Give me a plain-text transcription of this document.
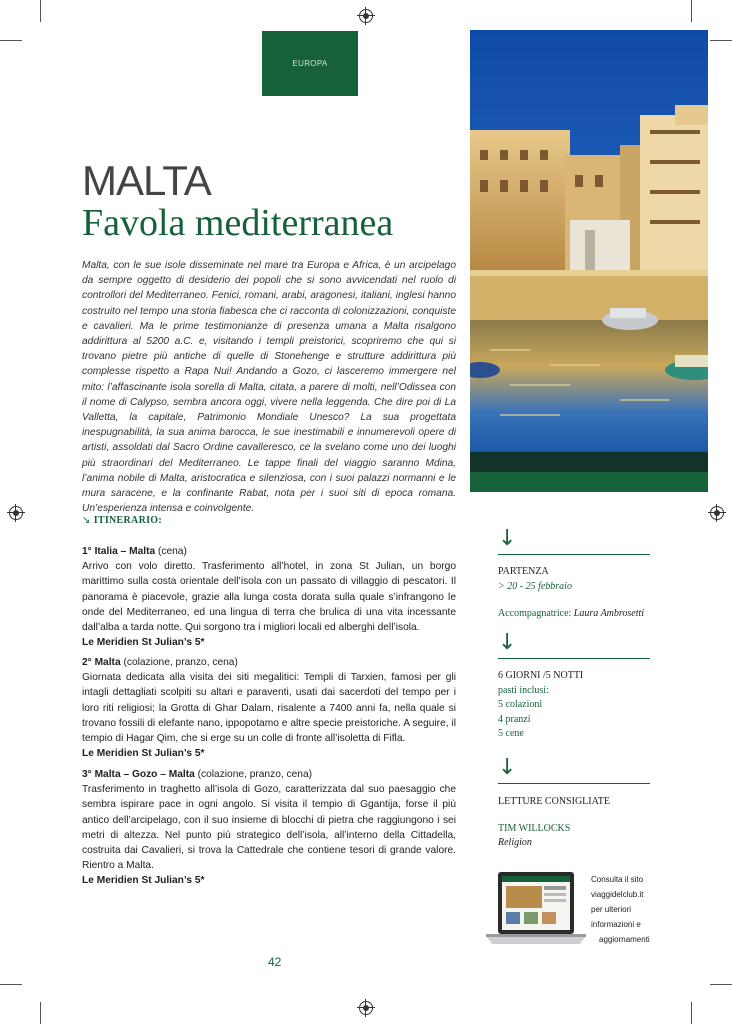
EUROPA
MALTA
Favola mediterranea

Malta, con le sue isole disseminate nel mare tra Europa e Africa, è un arcipelago da sempre oggetto di desiderio dei popoli che si sono avvicendati nel ruolo di controllori del Mediterraneo. Fenici, romani, arabi, aragonesi, italiani, inglesi hanno costruito nel tempo una storia fiabesca che ci racconta di colonizzazioni, conquiste e cavalieri. Ma le prime testimonianze di presenza umana a Malta risalgono addirittura al 5200 a.C. e, visitando i templi preistorici, scopriremo che qui si trovano pietre più antiche di quelle di Stonehenge e strutture addirittura più complesse rispetto a Rapa Nui! Andando a Gozo, ci lasceremo immergere nel mito: l’affascinante isola sorella di Malta, citata, a parere di molti, nell’Odissea con il nome di Calypso, sembra ancora oggi, vivere nella leggenda. Che dire poi di La Valletta, la capitale, Patrimonio Mondiale Unesco? La sua progettata inespugnabilità, la sua anima barocca, le sue inestimabili e innumerevoli opere di artisti, assoldati dal Sacro Ordine cavalleresco, ce la svelano come uno dei luoghi più straordinari del Mediterraneo. Le tappe finali del viaggio saranno Mdina, l’anima nobile di Malta, aristocratica e silenziosa, con i suoi palazzi normanni e le mura saracene, e la confinante Rabat, nota per i suoi siti di epoca romana. Un’esperienza intensa e coinvolgente.

↘ ITINERARIO:
1° Italia – Malta (cena)
Arrivo con volo diretto. Trasferimento all’hotel, in zona St Julian, un borgo marittimo sulla costa orientale dell’isola con un passato di villaggio di pescatori. Il panorama è piacevole, grazie alla lunga costa dorata sulla quale s’infrangono le onde del Mediterraneo, ed una lingua di terra che brulica di una vita incessante dall’alba a tarda notte. Qui sorgono tra i migliori locali ed alberghi dell’isola.
Le Meridien St Julian’s 5*
2° Malta (colazione, pranzo, cena)
Giornata dedicata alla visita dei siti megalitici: Templi di Tarxien, famosi per gli intagli dettagliati scolpiti su altari e paraventi, usati dai sacerdoti del tempo per i loro riti religiosi; la Grotta di Ghar Dalam, risalente a 7400 anni fa, nella quale si trovano fossili di elefante nano, ippopotamo e altre specie preistoriche. A seguire, il tempio di Hagar Qim, che si erge su un colle di fronte all’isoletta di Fifla.
Le Meridien St Julian’s 5*
3° Malta – Gozo – Malta (colazione, pranzo, cena)
Trasferimento in traghetto all’isola di Gozo, caratterizzata dal suo paesaggio che sembra ispirare pace in ogni angolo. Si visita il tempio di Ggantija, forse il più antico dell’arcipelago, con il suo insieme di blocchi di pietra che raggiungono i sei metri di altezza. Nel punto più strategico dell’isola, all’interno della Cittadella, costruita dai Cavalieri, si trova la Cattedrale che contiene tesori di grande valore. Rientro a Malta.
Le Meridien St Julian’s 5*
↓
PARTENZA
> 20 - 25 febbraio
Accompagnatrice: Laura Ambrosetti
↓
6 GIORNI /5 NOTTI
pasti inclusi:
5 colazioni
4 pranzi
5 cene
↓
LETTURE CONSIGLIATE
TIM WILLOCKS
Religion
Consulta il sito
viaggidelclub.it
per ulteriori
informazioni e
aggiornamenti
42
